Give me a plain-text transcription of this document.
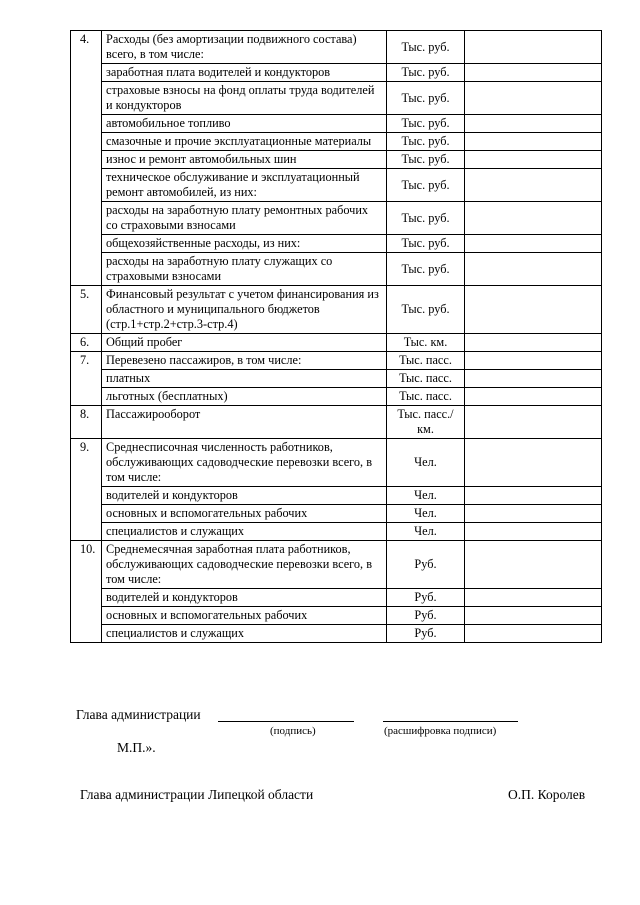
4.	Расходы (без амортизации подвижного состава) всего, в том числе:	Тыс. руб.	
	заработная плата водителей и кондукторов	Тыс. руб.	
	страховые взносы на фонд оплаты труда водителей и кондукторов	Тыс. руб.	
	автомобильное топливо	Тыс. руб.	
	смазочные и прочие эксплуатационные материалы	Тыс. руб.	
	износ и ремонт автомобильных шин	Тыс. руб.	
	техническое обслуживание и эксплуатационный ремонт автомобилей, из них:	Тыс. руб.	
	расходы на заработную плату ремонтных рабочих со страховыми взносами	Тыс. руб.	
	общехозяйственные расходы, из них:	Тыс. руб.	
	расходы на заработную плату служащих со страховыми взносами	Тыс. руб.	
5.	Финансовый результат с учетом финансирования из областного и муниципального бюджетов (стр.1+стр.2+стр.3-стр.4)	Тыс. руб.	
6.	Общий пробег	Тыс. км.	
7.	Перевезено пассажиров, в том числе:	Тыс. пасс.	
	платных	Тыс. пасс.	
	льготных (бесплатных)	Тыс. пасс.	
8.	Пассажирооборот	Тыс. пасс./км.	
9.	Среднесписочная численность работников, обслуживающих садоводческие перевозки всего, в том числе:	Чел.	
	водителей и кондукторов	Чел.	
	основных и вспомогательных рабочих	Чел.	
	специалистов и служащих	Чел.	
10.	Среднемесячная заработная плата работников, обслуживающих садоводческие перевозки всего, в том числе:	Руб.	
	водителей и кондукторов	Руб.	
	основных и вспомогательных рабочих	Руб.	
	специалистов и служащих	Руб.	
Глава администрации
(подпись)	(расшифровка подписи)
М.П.».
Глава администрации Липецкой области	О.П. Королев
